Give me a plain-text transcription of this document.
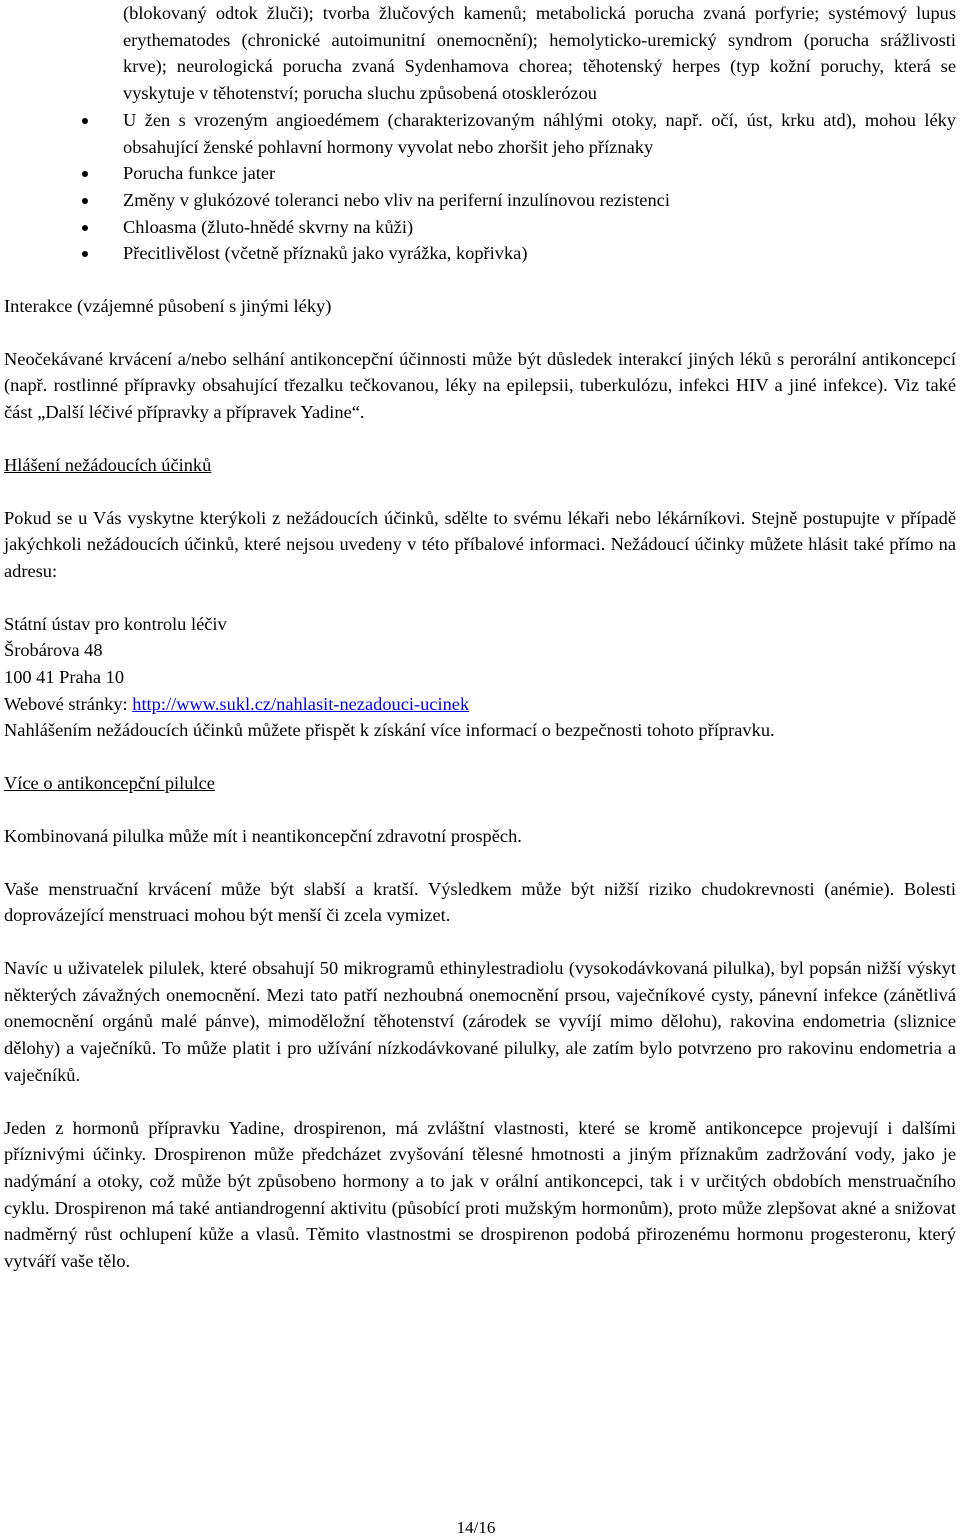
(blokovaný odtok žluči); tvorba žlučových kamenů; metabolická porucha zvaná porfyrie; systémový lupus erythematodes (chronické autoimunitní onemocnění); hemolyticko-uremický syndrom (porucha srážlivosti krve); neurologická porucha zvaná Sydenhamova chorea; těhotenský herpes (typ kožní poruchy, která se vyskytuje v těhotenství; porucha sluchu způsobená otosklerózou

U žen s vrozeným angioedémem (charakterizovaným náhlými otoky, např. očí, úst, krku atd), mohou léky obsahující ženské pohlavní hormony vyvolat nebo zhoršit jeho příznaky
Porucha funkce jater
Změny v glukózové toleranci nebo vliv na periferní inzulínovou rezistenci
Chloasma (žluto-hnědé skvrny na kůži)
Přecitlivělost (včetně příznaků jako vyrážka, kopřivka)

Interakce (vzájemné působení s jinými léky)

Neočekávané krvácení a/nebo selhání antikoncepční účinnosti může být důsledek interakcí jiných léků s perorální antikoncepcí (např. rostlinné přípravky obsahující třezalku tečkovanou, léky na epilepsii, tuberkulózu, infekci HIV a jiné infekce). Viz také část „Další léčivé přípravky a přípravek Yadine“.

Hlášení nežádoucích účinků

Pokud se u Vás vyskytne kterýkoli z nežádoucích účinků, sdělte to svému lékaři nebo lékárníkovi. Stejně postupujte v případě jakýchkoli nežádoucích účinků, které nejsou uvedeny v této příbalové informaci. Nežádoucí účinky můžete hlásit také přímo na adresu:

Státní ústav pro kontrolu léčiv

Šrobárova 48

100 41 Praha 10

Webové stránky: http://www.sukl.cz/nahlasit-nezadouci-ucinek

Nahlášením nežádoucích účinků můžete přispět k získání více informací o bezpečnosti tohoto přípravku.

Více o antikoncepční pilulce

Kombinovaná pilulka může mít i neantikoncepční zdravotní prospěch.

Vaše menstruační krvácení může být slabší a kratší. Výsledkem může být nižší riziko chudokrevnosti (anémie). Bolesti doprovázející menstruaci mohou být menší či zcela vymizet.

Navíc u uživatelek pilulek, které obsahují 50 mikrogramů ethinylestradiolu (vysokodávkovaná pilulka), byl popsán nižší výskyt některých závažných onemocnění. Mezi tato patří nezhoubná onemocnění prsou, vaječníkové cysty, pánevní infekce (zánětlivá onemocnění orgánů malé pánve), mimoděložní těhotenství (zárodek se vyvíjí mimo dělohu), rakovina endometria (sliznice dělohy) a vaječníků. To může platit i pro užívání nízkodávkované pilulky, ale zatím bylo potvrzeno pro rakovinu endometria a vaječníků.

Jeden z hormonů přípravku Yadine, drospirenon, má zvláštní vlastnosti, které se kromě antikoncepce projevují i dalšími příznivými účinky. Drospirenon může předcházet zvyšování tělesné hmotnosti a jiným příznakům zadržování vody, jako je nadýmání a otoky, což může být způsobeno hormony a to jak v orální antikoncepci, tak i v určitých obdobích menstruačního cyklu. Drospirenon má také antiandrogenní aktivitu (působící proti mužským hormonům), proto může zlepšovat akné a snižovat nadměrný růst ochlupení kůže a vlasů. Těmito vlastnostmi se drospirenon podobá přirozenému hormonu progesteronu, který vytváří vaše tělo.

14/16
